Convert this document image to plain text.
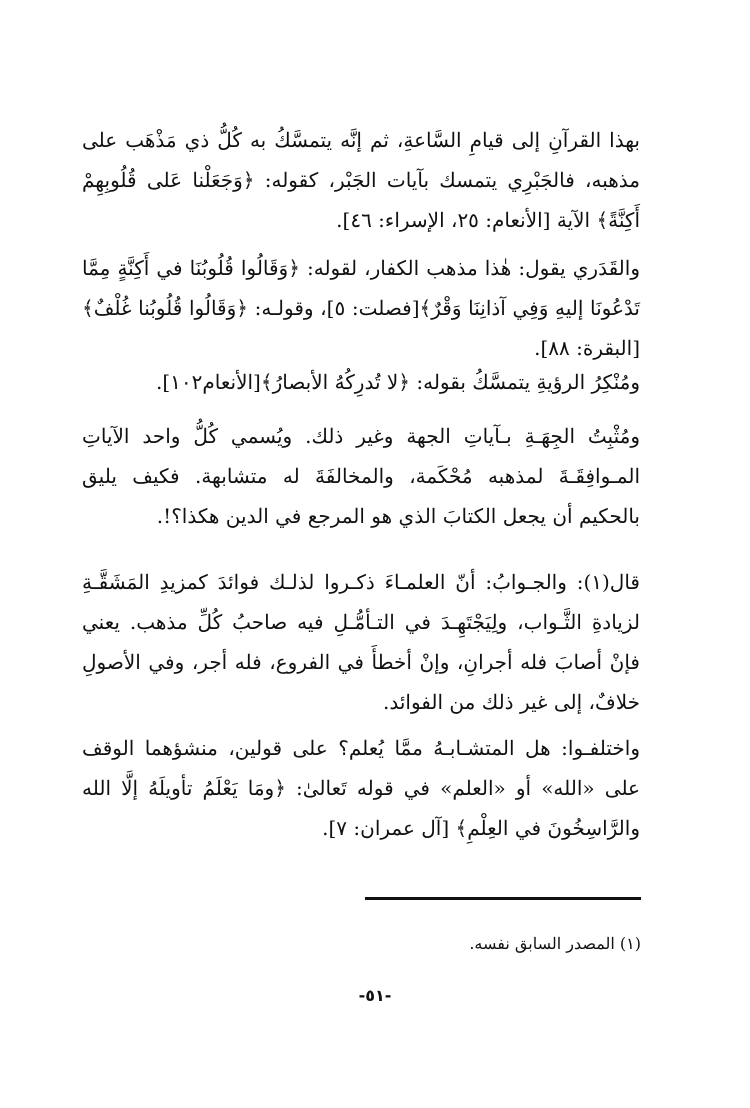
بهذا القرآنِ إلى قيامِ السَّاعةِ، ثم إنَّه يتمسَّكُ به كُلُّ ذي مَذْهَب على مذهبه، فالجَبْرِي يتمسك بآيات الجَبْر، كقوله: ﴿وَجَعَلْنا عَلى قُلُوبِهِمْ أَكِنَّةً﴾ الآية [الأنعام: ٢٥، الإسراء: ٤٦].

والقَدَري يقول: هٰذا مذهب الكفار، لقوله: ﴿وَقَالُوا قُلُوبُنَا في أَكِنَّةٍ مِمَّا تَدْعُونَا إليهِ وَفِي آذانِنَا وَقْرٌ﴾[فصلت: ٥]، وقولـه: ﴿وَقَالُوا قُلُوبُنا غُلْفٌ﴾[البقرة: ٨٨].

ومُنْكِرُ الرؤيةِ يتمسَّكُ بقوله: ﴿لا تُدرِكُهُ الأبصارُ﴾[الأنعام١٠٢].

ومُثْبِتُ الجِهَـةِ بـآياتِ الجهة وغير ذلك. ويُسمي كُلُّ واحد الآياتِ المـوافِقَـةَ لمذهبه مُحْكَمة، والمخالفَةَ له متشابهة. فكيف يليق بالحكيم أن يجعل الكتابَ الذي هو المرجع في الدين هكذا؟!.

قال(١): والجـوابُ: أنّ العلمـاءَ ذكـروا لذلـك فوائدَ كمزيدِ المَشَقَّـةِ لزيادةِ الثَّـواب، ولِيَجْتَهِـدَ في التـأمُّـلِ فيه صاحبُ كُلِّ مذهب. يعني فإنْ أصابَ فله أجرانِ، وإنْ أخطأَ في الفروع، فله أجر، وفي الأصولِ خلافٌ، إلى غير ذلك من الفوائد.

واختلفـوا: هل المتشـابـهُ ممَّا يُعلم؟ على قولين، منشؤهما الوقف على «الله» أو «العلم» في قوله تَعالىٰ: ﴿ومَا يَعْلَمُ تأويلَهُ إلَّا الله والرَّاسِخُونَ في العِلْمِ﴾ [آل عمران: ٧].

(١) المصدر السابق نفسه.

-٥١-
